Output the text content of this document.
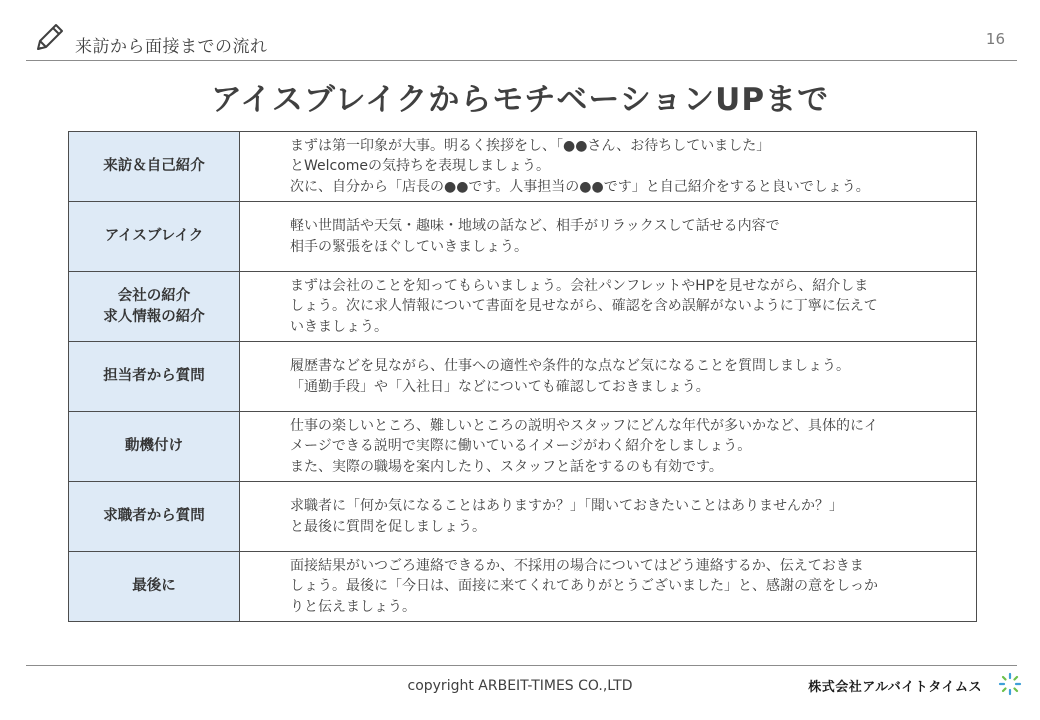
来訪から面接までの流れ	16
アイスブレイクからモチベーションUPまで
来訪＆自己紹介	まずは第一印象が大事。明るく挨拶をし、「●●さん、お待ちしていました」
とWelcomeの気持ちを表現しましょう。
次に、自分から「店長の●●です。人事担当の●●です」と自己紹介をすると良いでしょう。

アイスブレイク	軽い世間話や天気・趣味・地域の話など、相手がリラックスして話せる内容で
相手の緊張をほぐしていきましょう。

会社の紹介
求人情報の紹介	まずは会社のことを知ってもらいましょう。会社パンフレットやHPを見せながら、紹介しま
しょう。次に求人情報について書面を見せながら、確認を含め誤解がないように丁寧に伝えて
いきましょう。

担当者から質問	履歴書などを見ながら、仕事への適性や条件的な点など気になることを質問しましょう。
「通勤手段」や「入社日」などについても確認しておきましょう。

動機付け	仕事の楽しいところ、難しいところの説明やスタッフにどんな年代が多いかなど、具体的にイ
メージできる説明で実際に働いているイメージがわく紹介をしましょう。
また、実際の職場を案内したり、スタッフと話をするのも有効です。

求職者から質問	求職者に「何か気になることはありますか？」「聞いておきたいことはありませんか？」
と最後に質問を促しましょう。

最後に	面接結果がいつごろ連絡できるか、不採用の場合についてはどう連絡するか、伝えておきま
しょう。最後に「今日は、面接に来てくれてありがとうございました」と、感謝の意をしっか
りと伝えましょう。
copyright ARBEIT-TIMES CO.,LTD	株式会社アルバイトタイムス
